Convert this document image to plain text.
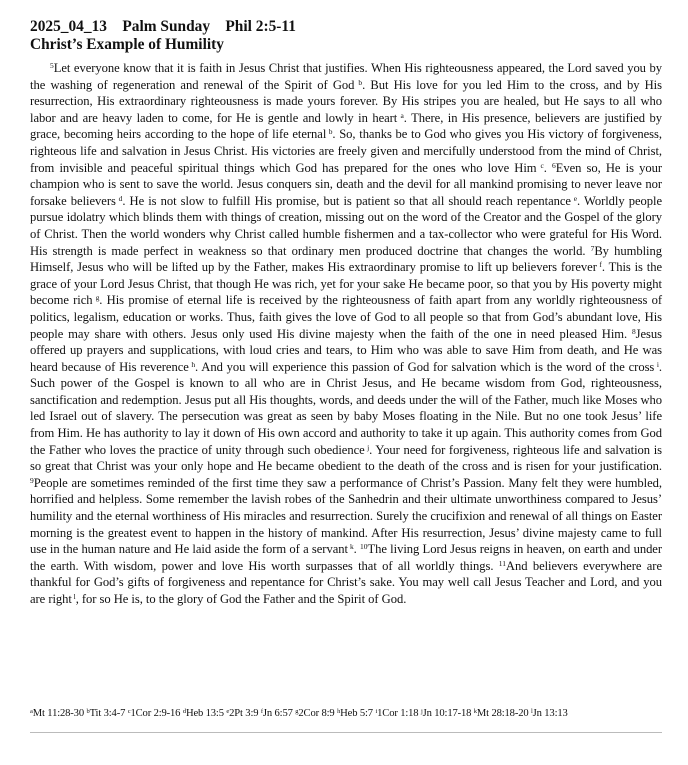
2025_04_13    Palm Sunday    Phil 2:5-11

Christ’s Example of Humility

$^5$Let everyone know that it is faith in Jesus Christ that justifies. When His righteousness appeared, the Lord saved you by the washing of regeneration and renewal of the Spirit of God $^b$. But His love for you led Him to the cross, and by His resurrection, His extraordinary righteousness is made yours forever. By His stripes you are healed, but He says to all who labor and are heavy laden to come, for He is gentle and lowly in heart $^a$. There, in His presence, believers are justified by grace, becoming heirs according to the hope of life eternal $^b$. So, thanks be to God who gives you His victory of forgiveness, righteous life and salvation in Jesus Christ. His victories are freely given and mercifully understood from the mind of Christ, from invisible and peaceful spiritual things which God has prepared for the ones who love Him $^c$. $^6$Even so, He is your champion who is sent to save the world. Jesus conquers sin, death and the devil for all mankind promising to never leave nor forsake believers $^d$. He is not slow to fulfill His promise, but is patient so that all should reach repentance $^e$. Worldly people pursue idolatry which blinds them with things of creation, missing out on the word of the Creator and the Gospel of the glory of Christ. Then the world wonders why Christ called humble fishermen and a tax-collector who were grateful for His Word. His strength is made perfect in weakness so that ordinary men produced doctrine that changes the world. $^7$By humbling Himself, Jesus who will be lifted up by the Father, makes His extraordinary promise to lift up believers forever $^f$. This is the grace of your Lord Jesus Christ, that though He was rich, yet for your sake He became poor, so that you by His poverty might become rich $^g$. His promise of eternal life is received by the righteousness of faith apart from any worldly righteousness of politics, legalism, education or works. Thus, faith gives the love of God to all people so that from God’s abundant love, His people may share with others. Jesus only used His divine majesty when the faith of the one in need pleased Him. $^8$Jesus offered up prayers and supplications, with loud cries and tears, to Him who was able to save Him from death, and He was heard because of His reverence $^h$. And you will experience this passion of God for salvation which is the word of the cross $^i$. Such power of the Gospel is known to all who are in Christ Jesus, and He became wisdom from God, righteousness, sanctification and redemption. Jesus put all His thoughts, words, and deeds under the will of the Father, much like Moses who led Israel out of slavery. The persecution was great as seen by baby Moses floating in the Nile. But no one took Jesus’ life from Him. He has authority to lay it down of His own accord and authority to take it up again. This authority comes from God the Father who loves the practice of unity through such obedience $^j$. Your need for forgiveness, righteous life and salvation is so great that Christ was your only hope and He became obedient to the death of the cross and is risen for your justification. $^9$People are sometimes reminded of the first time they saw a performance of Christ’s Passion. Many felt they were humbled, horrified and helpless. Some remember the lavish robes of the Sanhedrin and their ultimate unworthiness compared to Jesus’ humility and the eternal worthiness of His miracles and resurrection. Surely the crucifixion and renewal of all things on Easter morning is the greatest event to happen in the history of mankind. After His resurrection, Jesus’ divine majesty came to full use in the human nature and He laid aside the form of a servant $^k$. $^{10}$The living Lord Jesus reigns in heaven, on earth and under the earth. With wisdom, power and love His worth surpasses that of all worldly things. $^{11}$And believers everywhere are thankful for God’s gifts of forgiveness and repentance for Christ’s sake. You may well call Jesus Teacher and Lord, and you are right $^l$, for so He is, to the glory of God the Father and the Spirit of God.
$^a$Mt 11:28-30 $^b$Tit 3:4-7 $^c$1Cor 2:9-16 $^d$Heb 13:5 $^e$2Pt 3:9 $^f$Jn 6:57 $^g$2Cor 8:9 $^h$Heb 5:7 $^i$1Cor 1:18 $^j$Jn 10:17-18 $^k$Mt 28:18-20 $^l$Jn 13:13
